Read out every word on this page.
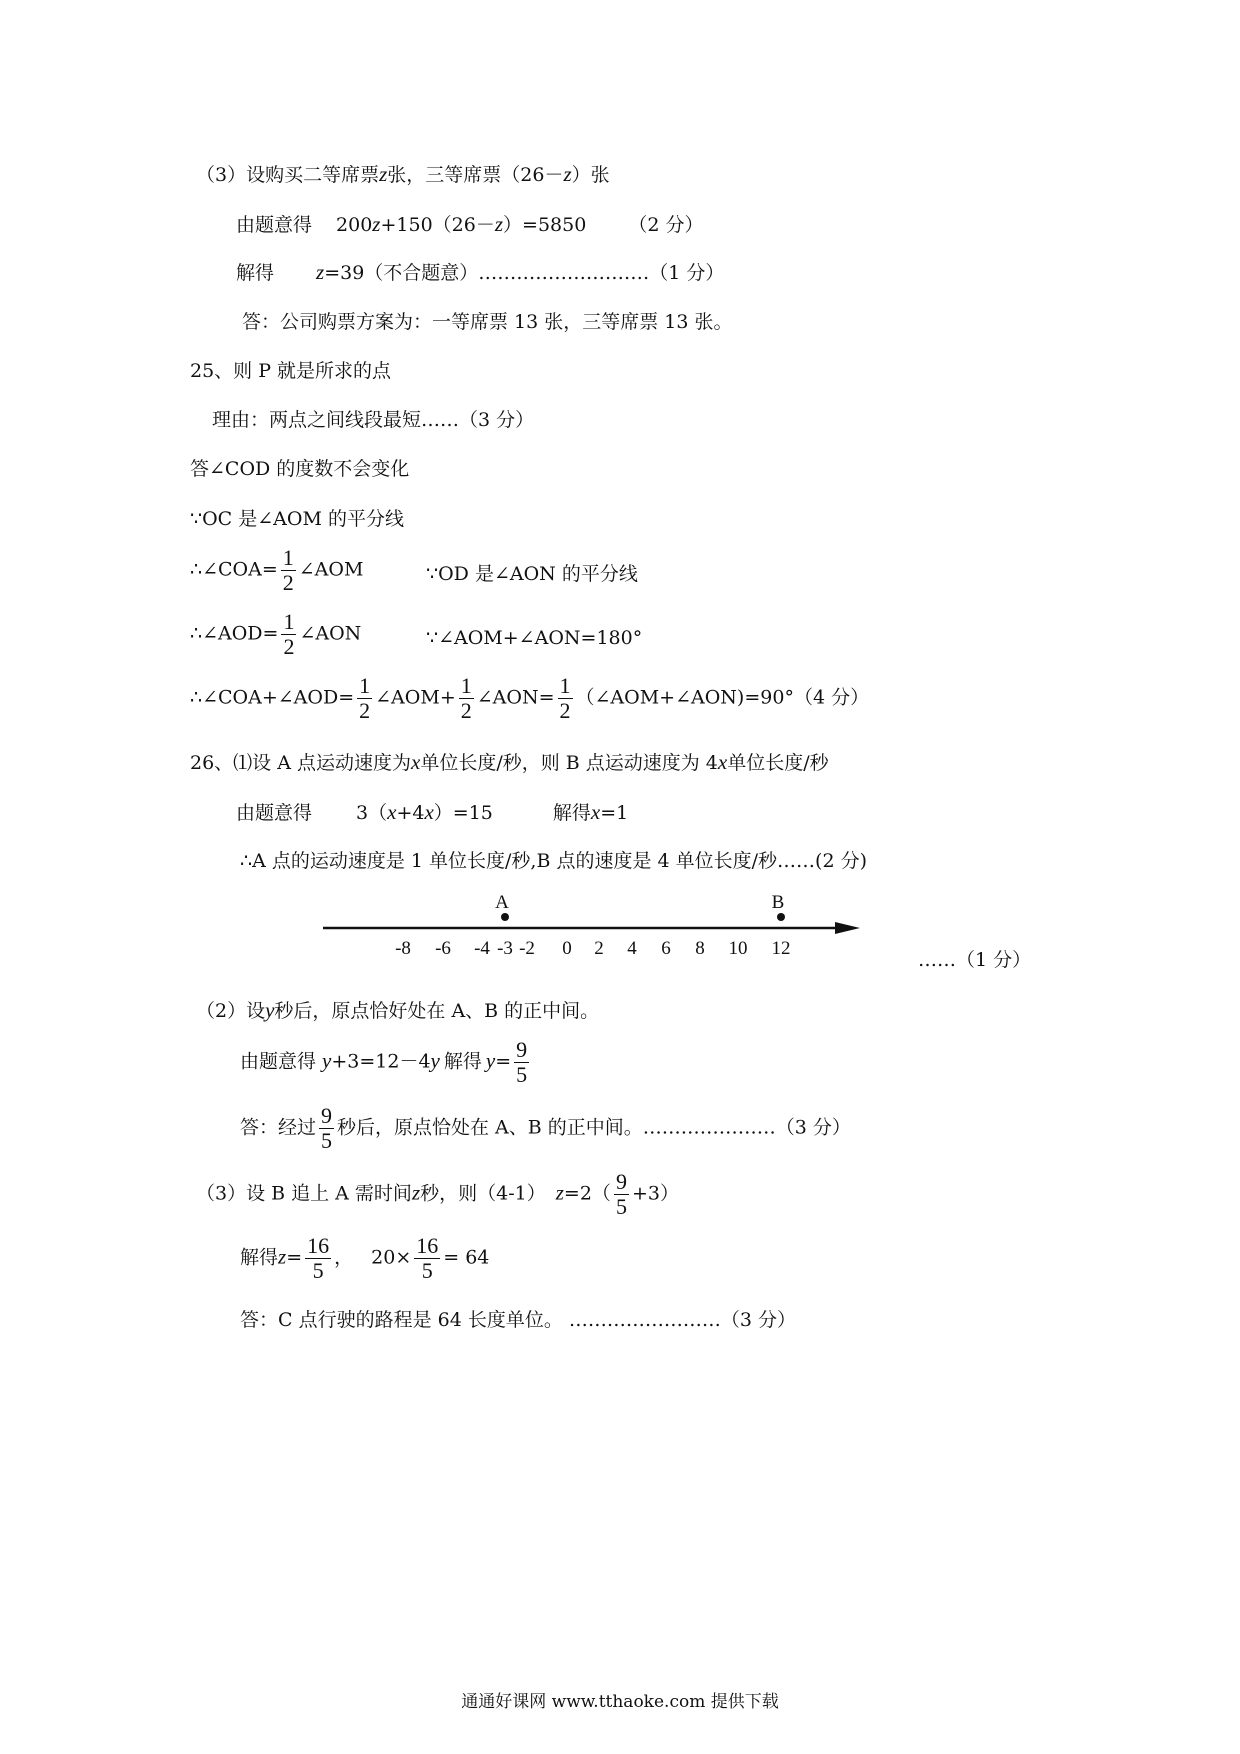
（3）设购买二等席票z张，三等席票（26－z）张
由题意得 200z+150（26－z）=5850 （2 分）
解得 z=39（不合题意）………………………（1 分）
答：公司购票方案为：一等席票 13 张，三等席票 13 张。
25、则 P 就是所求的点
理由：两点之间线段最短……（3 分）
答∠COD 的度数不会变化
∵OC 是∠AOM 的平分线
∴∠COA= $\frac{1}{2}$ ∠AOM	∵OD 是∠AON 的平分线
∴∠AOD= $\frac{1}{2}$ ∠AON	∵∠AOM+∠AON=180°
∴∠COA+∠AOD= $\frac{1}{2}$ ∠AOM+ $\frac{1}{2}$ ∠AON= $\frac{1}{2}$ （∠AOM+∠AON)=90°（4 分）
26、⑴设 A 点运动速度为x单位长度/秒，则 B 点运动速度为 4x单位长度/秒
由题意得 3（x+4x）=15	解得x=1
∴A 点的运动速度是 1 单位长度/秒,B 点的速度是 4 单位长度/秒……(2 分)
-8 -6 -4 -3 -2 0 2 4 6 8 10 12
A	B
……（1 分）
（2）设y秒后，原点恰好处在 A、B 的正中间。
由题意得 y+3=12－4y 解得 $y= \frac{9}{5}$
答：经过 $\frac{9}{5}$ 秒后，原点恰处在 A、B 的正中间。…………………（3 分）
（3）设 B 追上 A 需时间z秒，则（4-1） $z=2( \frac{9}{5} +3)$
解得$z= \frac{16}{5}$ ， $20\times \frac{16}{5} = 64$
答：C 点行驶的路程是 64 长度单位。 ……………………（3 分）
通通好课网 www.tthaoke.com 提供下载
